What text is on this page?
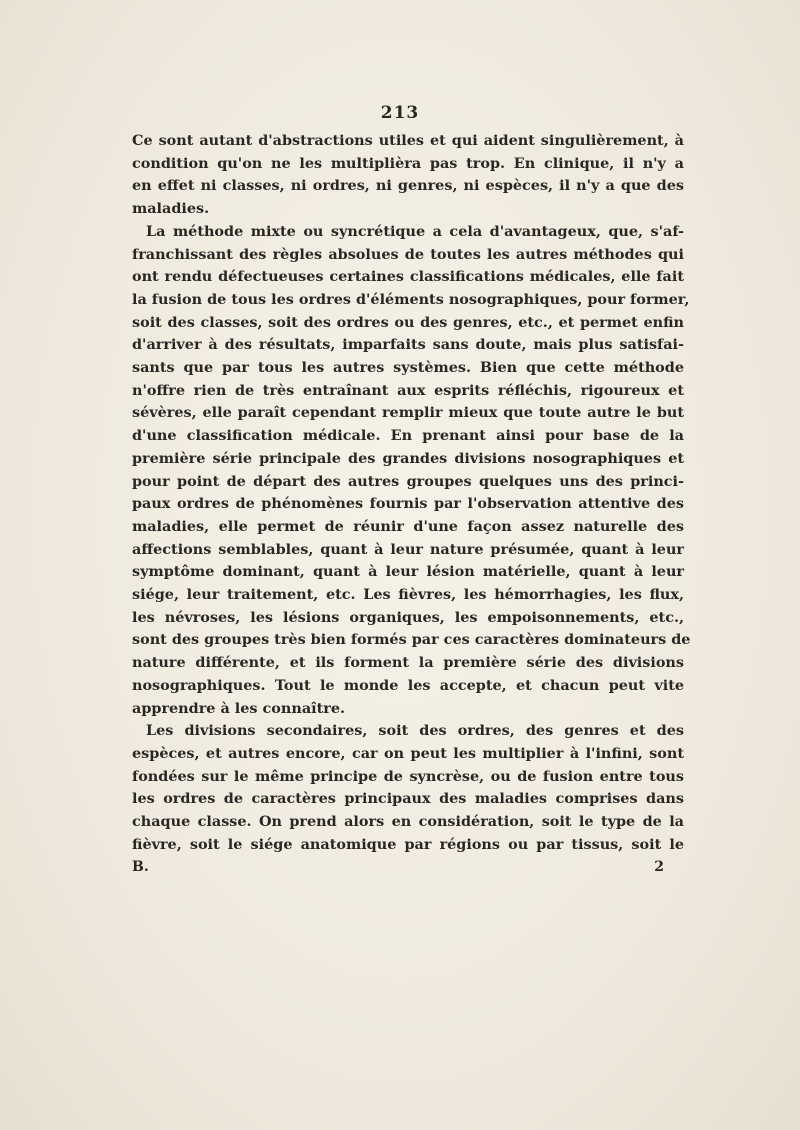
213

Ce sont autant d'abstractions utiles et qui aident singulièrement, à
condition qu'on ne les multiplièra pas trop. En clinique, il n'y a
en effet ni classes, ni ordres, ni genres, ni espèces, il n'y a que des
maladies.

La méthode mixte ou syncrétique a cela d'avantageux, que, s'af-
franchissant des règles absolues de toutes les autres méthodes qui
ont rendu défectueuses certaines classifications médicales, elle fait
la fusion de tous les ordres d'éléments nosographiques, pour former,
soit des classes, soit des ordres ou des genres, etc., et permet enfin
d'arriver à des résultats, imparfaits sans doute, mais plus satisfai-
sants que par tous les autres systèmes. Bien que cette méthode
n'offre rien de très entraînant aux esprits réfléchis, rigoureux et
sévères, elle paraît cependant remplir mieux que toute autre le but
d'une classification médicale. En prenant ainsi pour base de la
première série principale des grandes divisions nosographiques et
pour point de départ des autres groupes quelques uns des princi-
paux ordres de phénomènes fournis par l'observation attentive des
maladies, elle permet de réunir d'une façon assez naturelle des
affections semblables, quant à leur nature présumée, quant à leur
symptôme dominant, quant à leur lésion matérielle, quant à leur
siége, leur traitement, etc. Les fièvres, les hémorrhagies, les flux,
les névroses, les lésions organiques, les empoisonnements, etc.,
sont des groupes très bien formés par ces caractères dominateurs de
nature différente, et ils forment la première série des divisions
nosographiques. Tout le monde les accepte, et chacun peut vite
apprendre à les connaître.

Les divisions secondaires, soit des ordres, des genres et des
espèces, et autres encore, car on peut les multiplier à l'infini, sont
fondées sur le même principe de syncrèse, ou de fusion entre tous
les ordres de caractères principaux des maladies comprises dans
chaque classe. On prend alors en considération, soit le type de la
fièvre, soit le siége anatomique par régions ou par tissus, soit le

B.	2
